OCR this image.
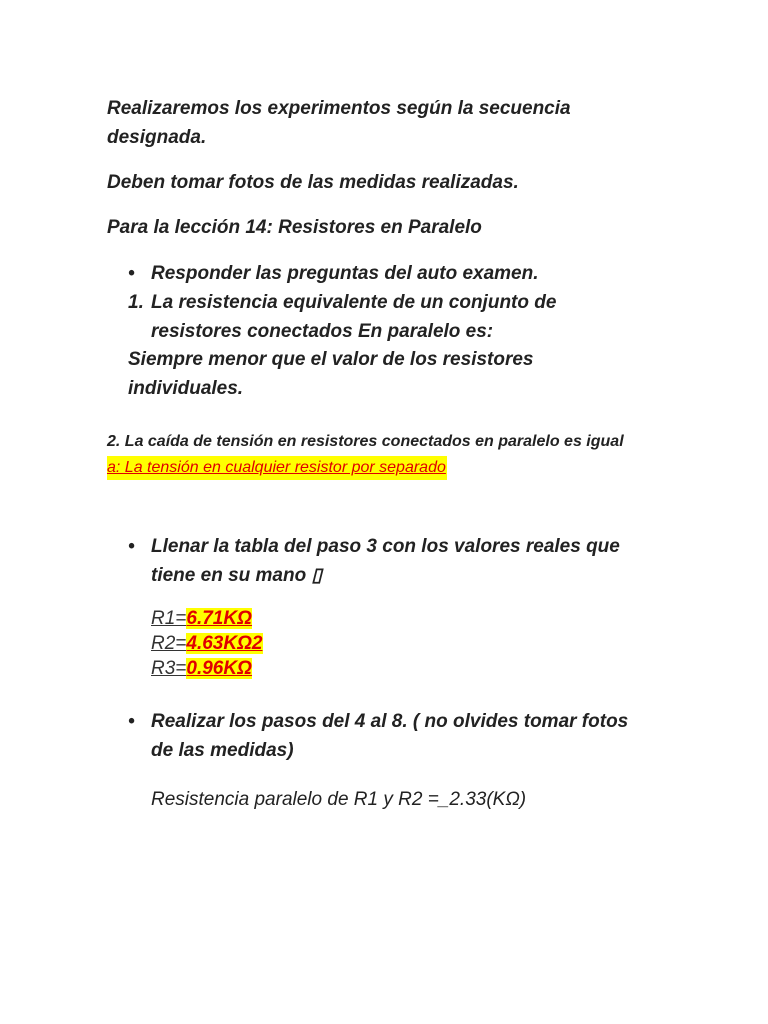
Realizaremos los experimentos según la secuencia
designada.

Deben tomar fotos de las medidas realizadas.

Para la lección 14: Resistores en Paralelo

• Responder las preguntas del auto examen.
1. La resistencia equivalente de un conjunto de
resistores conectados En paralelo es:
Siempre menor que el valor de los resistores
individuales.
2. La caída de tensión en resistores conectados en paralelo es igual
a: La tensión en cualquier resistor por separado
• Llenar la tabla del paso 3 con los valores reales que
tiene en su mano ▯
R1=6.71KΩ
R2=4.63KΩ2
R3=0.96KΩ
• Realizar los pasos del 4 al 8. ( no olvides tomar fotos
de las medidas)
Resistencia paralelo de R1 y R2 =_2.33(KΩ)
